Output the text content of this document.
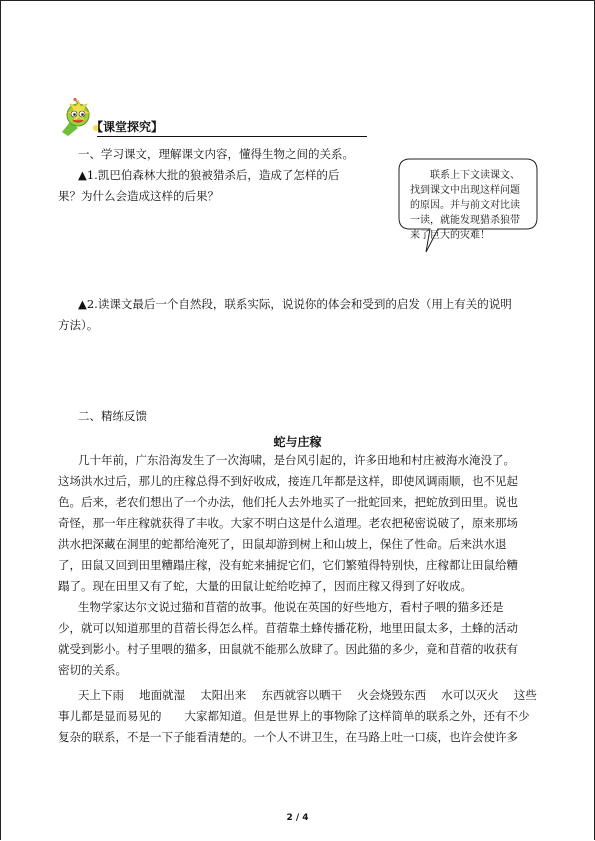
【课堂探究】
一、学习课文，理解课文内容，懂得生物之间的关系。
▲1.凯巴伯森林大批的狼被猎杀后，造成了怎样的后
果？为什么会造成这样的后果？
联系上下文读课文、
找到课文中出现这样问题
的原因。并与前文对比读
一读，就能发现猎杀狼带
来了巨大的灾难！
▲2.读课文最后一个自然段，联系实际，说说你的体会和受到的启发（用上有关的说明
方法）。
二、精练反馈
蛇与庄稼
几十年前，广东沿海发生了一次海啸，是台风引起的，许多田地和村庄被海水淹没了。
这场洪水过后，那儿的庄稼总得不到好收成，接连几年都是这样，即使风调雨顺，也不见起
色。后来，老农们想出了一个办法，他们托人去外地买了一批蛇回来，把蛇放到田里。说也
奇怪，那一年庄稼就获得了丰收。大家不明白这是什么道理。老农把秘密说破了，原来那场
洪水把深藏在洞里的蛇都给淹死了，田鼠却游到树上和山坡上，保住了性命。后来洪水退
了，田鼠又回到田里糟蹋庄稼，没有蛇来捕捉它们，它们繁殖得特别快，庄稼都让田鼠给糟
蹋了。现在田里又有了蛇，大量的田鼠让蛇给吃掉了，因而庄稼又得到了好收成。
生物学家达尔文说过猫和苜蓿的故事。他说在英国的好些地方，看村子喂的猫多还是
少，就可以知道那里的苜蓿长得怎么样。苜蓿靠土蜂传播花粉，地里田鼠太多，土蜂的活动
就受到影小。村子里喂的猫多，田鼠就不能那么放肆了。因此猫的多少，竟和苜蓿的收获有
密切的关系。
天上下雨　 地面就湿　 太阳出来　 东西就容以晒干　 火会烧毁东西　 水可以灭火　 这些
事儿都是显而易见的　　大家都知道。但是世界上的事物除了这样简单的联系之外，还有不少
复杂的联系，不是一下子能看清楚的。一个人不讲卫生，在马路上吐一口痰，也许会使许多
2 / 4
